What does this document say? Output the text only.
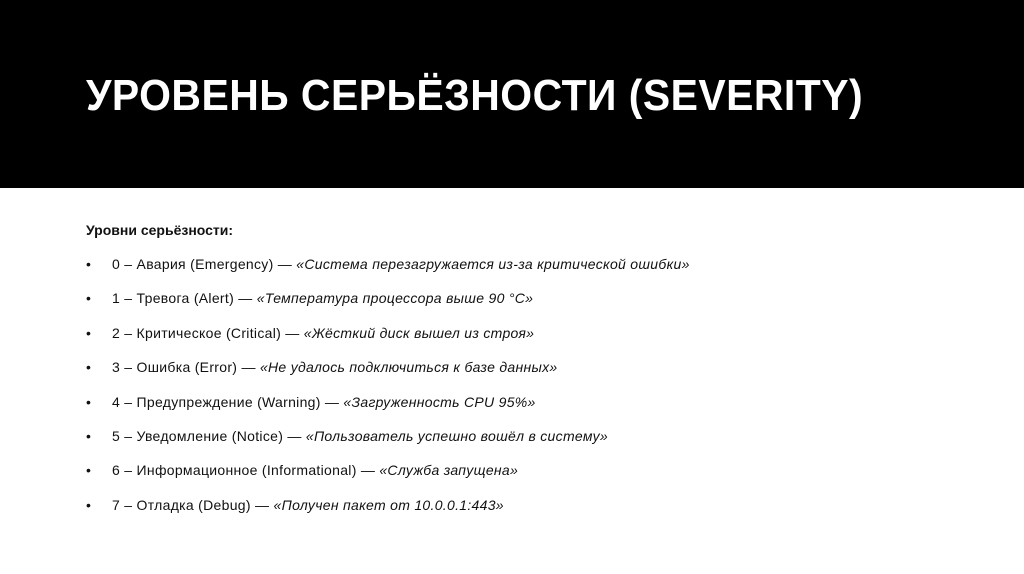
УРОВЕНЬ СЕРЬЁЗНОСТИ (SEVERITY)

Уровни серьёзности:

• 0 – Авария (Emergency) — «Система перезагружается из-за критической ошибки»
• 1 – Тревога (Alert) — «Температура процессора выше 90 °C»
• 2 – Критическое (Critical) — «Жёсткий диск вышел из строя»
• 3 – Ошибка (Error) — «Не удалось подключиться к базе данных»
• 4 – Предупреждение (Warning) — «Загруженность CPU 95%»
• 5 – Уведомление (Notice) — «Пользователь успешно вошёл в систему»
• 6 – Информационное (Informational) — «Служба запущена»
• 7 – Отладка (Debug) — «Получен пакет от 10.0.0.1:443»
